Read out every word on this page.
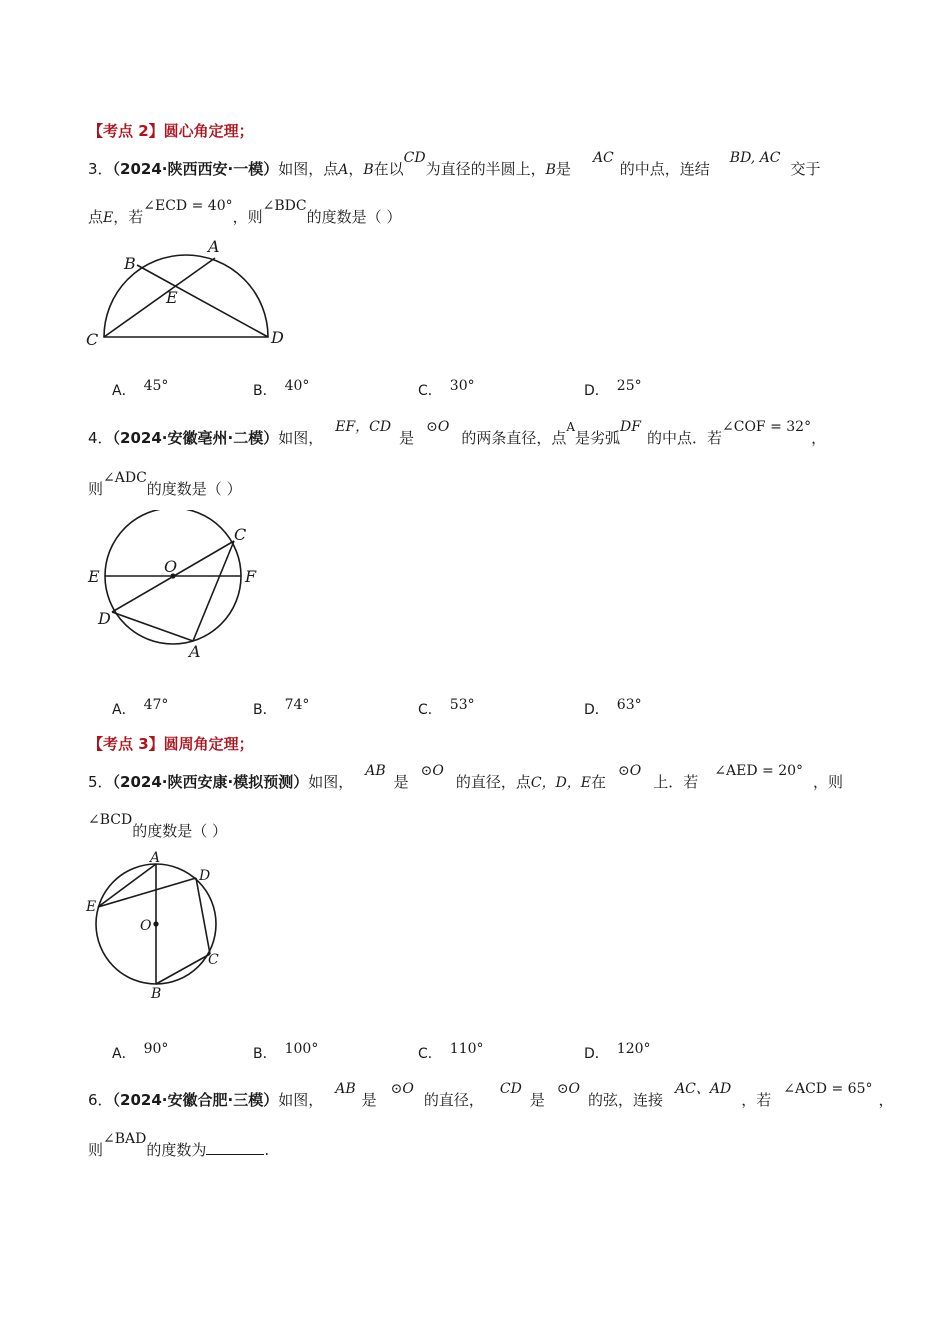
【考点 2】圆心角定理；
3．（2024·陕西西安·一模）如图，点A，B在以CD为直径的半圆上，B是AC的中点，连结BD, AC交于
点E，若∠ECD = 40°，则∠BDC的度数是（ ）
A
B
E
C	D
A． 45°	B． 40°	C． 30°	D． 25°
4．（2024·安徽亳州·二模）如图，EF，CD是⊙O的两条直径，点$^A$是劣弧DF的中点．若∠COF = 32°，
则∠ADC的度数是（ ）
C
O
E	F
D
A
A． 47°	B． 74°	C． 53°	D． 63°
【考点 3】圆周角定理；
5．（2024·陕西安康·模拟预测）如图，AB是⊙O的直径，点C，D，E在⊙O上．若∠AED = 20°，则
∠BCD的度数是（ ）
A
D
E
O
C
B
A． 90°	B． 100°	C． 110°	D． 120°
6．（2024·安徽合肥·三模）如图，AB是⊙O的直径，CD是⊙O的弦，连接AC、AD，若∠ACD = 65°，
则∠BAD的度数为	.
